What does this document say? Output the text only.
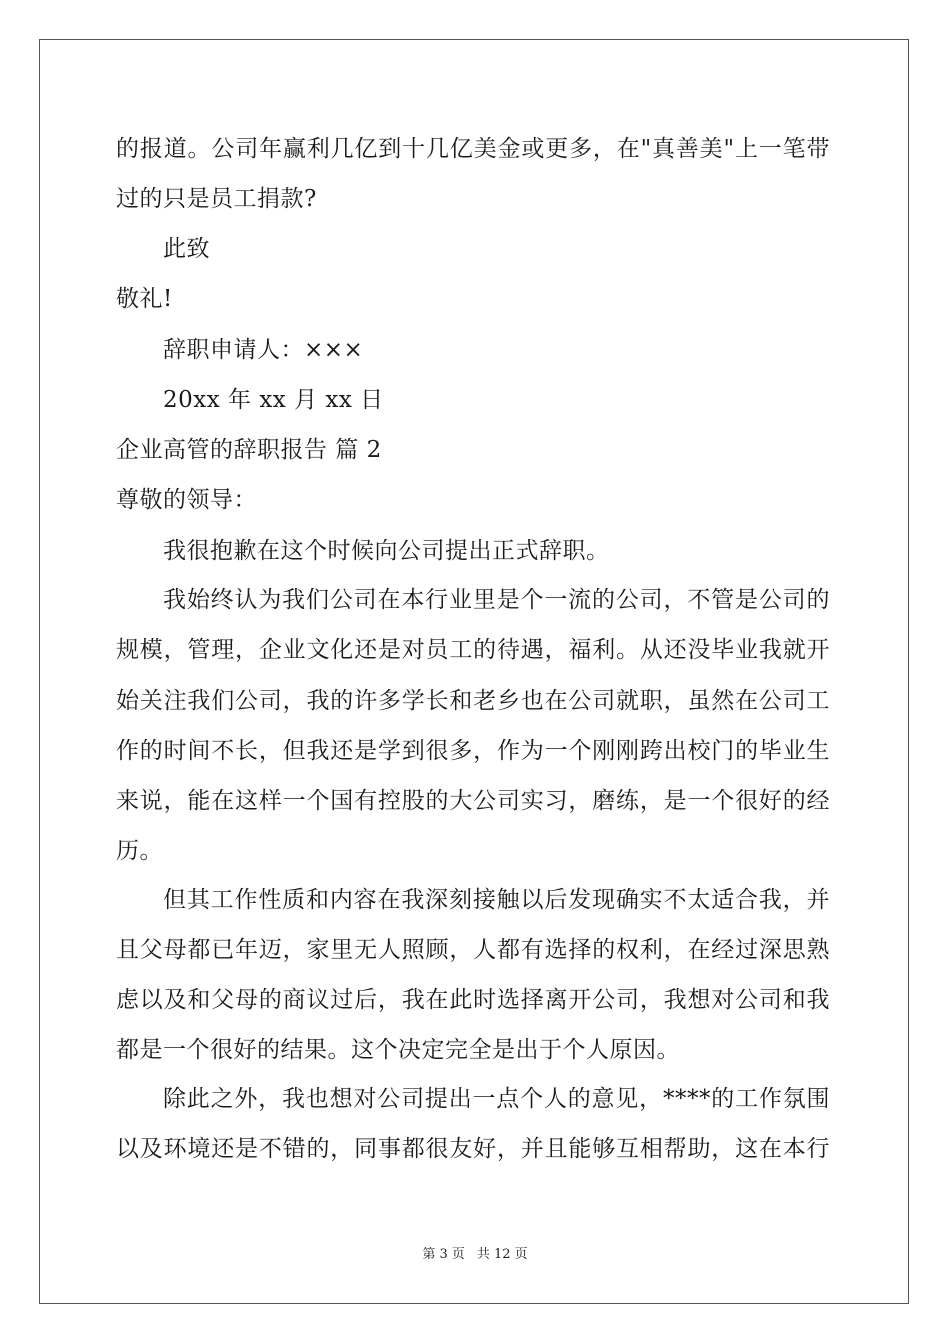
的报道。公司年赢利几亿到十几亿美金或更多，在"真善美"上一笔带
过的只是员工捐款?
此致
敬礼!
辞职申请人：×××
20xx 年 xx 月 xx 日
企业高管的辞职报告 篇 2
尊敬的领导：
我很抱歉在这个时候向公司提出正式辞职。
我始终认为我们公司在本行业里是个一流的公司，不管是公司的
规模，管理，企业文化还是对员工的待遇，福利。从还没毕业我就开
始关注我们公司，我的许多学长和老乡也在公司就职，虽然在公司工
作的时间不长，但我还是学到很多，作为一个刚刚跨出校门的毕业生
来说，能在这样一个国有控股的大公司实习，磨练，是一个很好的经
历。
但其工作性质和内容在我深刻接触以后发现确实不太适合我，并
且父母都已年迈，家里无人照顾，人都有选择的权利，在经过深思熟
虑以及和父母的商议过后，我在此时选择离开公司，我想对公司和我
都是一个很好的结果。这个决定完全是出于个人原因。
除此之外，我也想对公司提出一点个人的意见，****的工作氛围
以及环境还是不错的，同事都很友好，并且能够互相帮助，这在本行
第 3 页 共 12 页
